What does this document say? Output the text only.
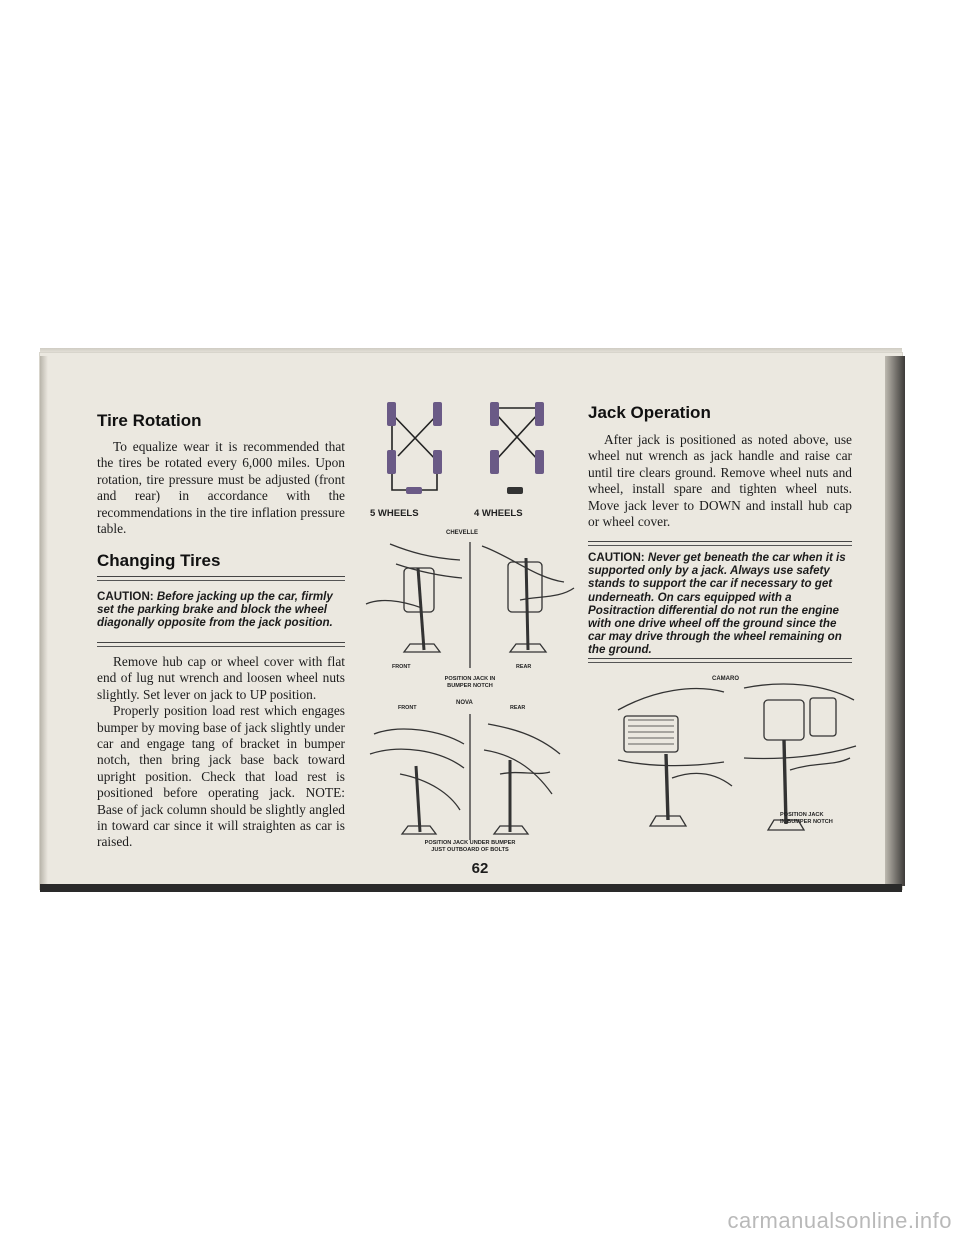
Tire Rotation
To equalize wear it is recommended that the tires be rotated every 6,000 miles. Upon rotation, tire pressure must be adjusted (front and rear) in accordance with the recommendations in the tire inflation pressure table.
Changing Tires
CAUTION: Before jacking up the car, firmly set the parking brake and block the wheel diagonally opposite from the jack position.
Remove hub cap or wheel cover with flat end of lug nut wrench and loosen wheel nuts slightly. Set lever on jack to UP position.
Properly position load rest which engages bumper by moving base of jack slightly under car and engage tang of bracket in bumper notch, then bring jack base back toward upright position. Check that load rest is positioned before operating jack. NOTE: Base of jack column should be slightly angled in toward car since it will straighten as car is raised.
5 WHEELS	4 WHEELS
CHEVELLE
FRONT	REAR
POSITION JACK IN
BUMPER NOTCH
FRONT
NOVA
REAR
POSITION JACK UNDER BUMPER
JUST OUTBOARD OF BOLTS
62
Jack Operation
After jack is positioned as noted above, use wheel nut wrench as jack handle and raise car until tire clears ground. Remove wheel nuts and wheel, install spare and tighten wheel nuts. Move jack lever to DOWN and install hub cap or wheel cover.
CAUTION: Never get beneath the car when it is supported only by a jack. Always use safety stands to support the car if necessary to get underneath. On cars equipped with a Positraction differential do not run the engine with one drive wheel off the ground since the car may drive through the wheel remaining on the ground.
CAMARO
POSITION JACK
IN BUMPER NOTCH
carmanualsonline.info
